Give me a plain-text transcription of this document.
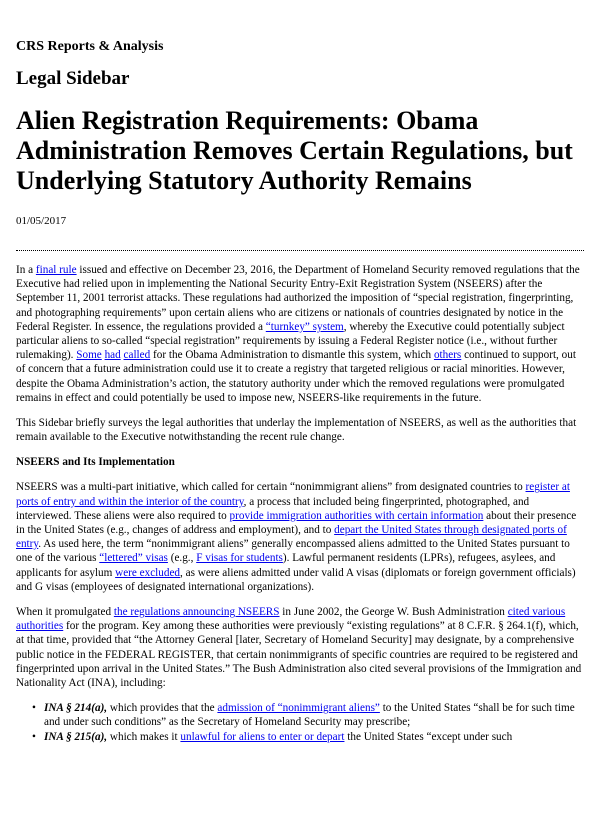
CRS Reports & Analysis
Legal Sidebar
Alien Registration Requirements: Obama Administration Removes Certain Regulations, but Underlying Statutory Authority Remains
01/05/2017

In a final rule issued and effective on December 23, 2016, the Department of Homeland Security removed regulations that the Executive had relied upon in implementing the National Security Entry-Exit Registration System (NSEERS) after the September 11, 2001 terrorist attacks. These regulations had authorized the imposition of “special registration, fingerprinting, and photographing requirements” upon certain aliens who are citizens or nationals of countries designated by notice in the Federal Register. In essence, the regulations provided a “turnkey” system, whereby the Executive could potentially subject particular aliens to so-called “special registration” requirements by issuing a Federal Register notice (i.e., without further rulemaking). Some had called for the Obama Administration to dismantle this system, which others continued to support, out of concern that a future administration could use it to create a registry that targeted religious or racial minorities. However, despite the Obama Administration’s action, the statutory authority under which the removed regulations were promulgated remains in effect and could potentially be used to impose new, NSEERS-like requirements in the future.

This Sidebar briefly surveys the legal authorities that underlay the implementation of NSEERS, as well as the authorities that remain available to the Executive notwithstanding the recent rule change.

NSEERS and Its Implementation

NSEERS was a multi-part initiative, which called for certain “nonimmigrant aliens” from designated countries to register at ports of entry and within the interior of the country, a process that included being fingerprinted, photographed, and interviewed. These aliens were also required to provide immigration authorities with certain information about their presence in the United States (e.g., changes of address and employment), and to depart the United States through designated ports of entry. As used here, the term “nonimmigrant aliens” generally encompassed aliens admitted to the United States pursuant to one of the various “lettered” visas (e.g., F visas for students). Lawful permanent residents (LPRs), refugees, asylees, and applicants for asylum were excluded, as were aliens admitted under valid A visas (diplomats or foreign government officials) and G visas (employees of designated international organizations).

When it promulgated the regulations announcing NSEERS in June 2002, the George W. Bush Administration cited various authorities for the program. Key among these authorities were previously “existing regulations” at 8 C.F.R. § 264.1(f), which, at that time, provided that “the Attorney General [later, Secretary of Homeland Security] may designate, by a comprehensive public notice in the FEDERAL REGISTER, that certain nonimmigrants of specific countries are required to be registered and fingerprinted upon arrival in the United States.” The Bush Administration also cited several provisions of the Immigration and Nationality Act (INA), including:

• INA § 214(a), which provides that the admission of “nonimmigrant aliens” to the United States “shall be for such time and under such conditions” as the Secretary of Homeland Security may prescribe;
• INA § 215(a), which makes it unlawful for aliens to enter or depart the United States “except under such
